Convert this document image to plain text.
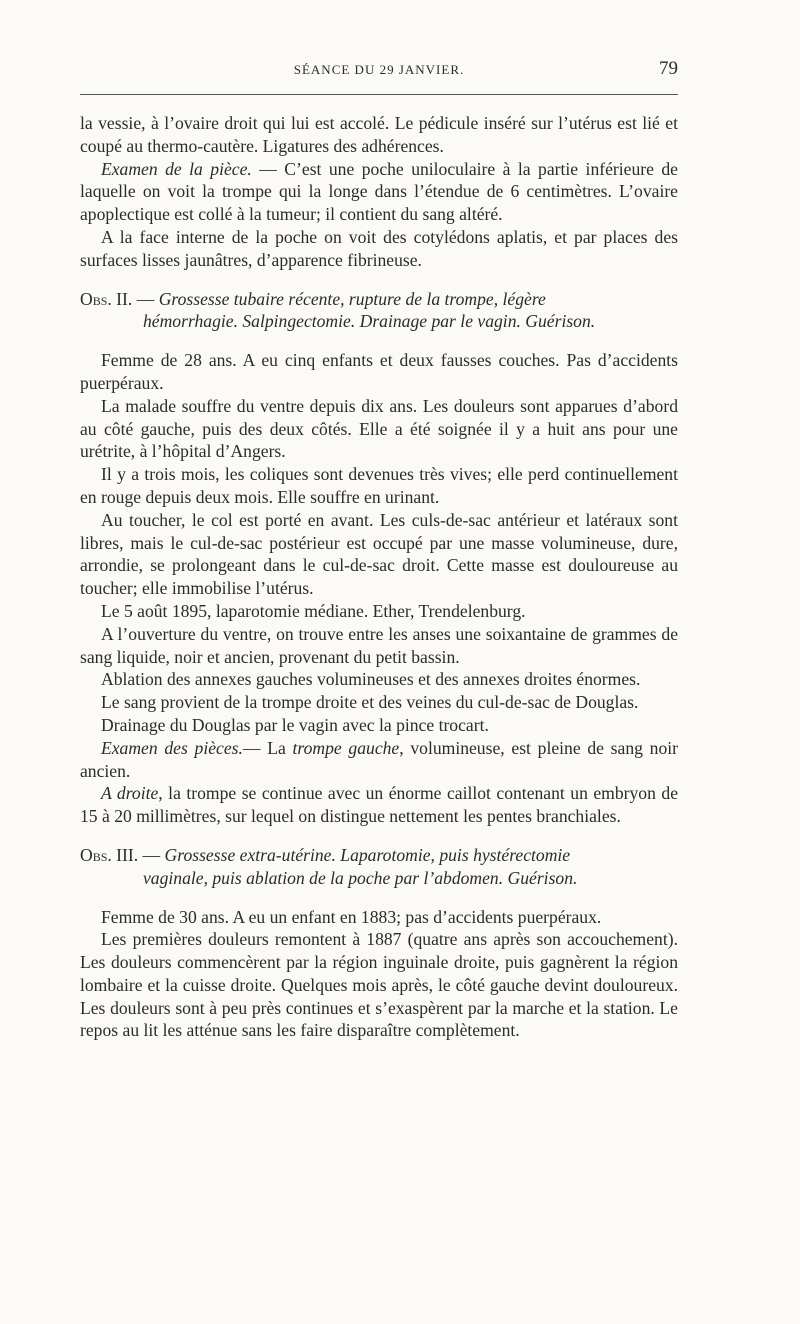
SÉANCE DU 29 JANVIER.	79

la vessie, à l’ovaire droit qui lui est accolé. Le pédicule inséré sur l’utérus est lié et coupé au thermo-cautère. Ligatures des adhérences.

Examen de la pièce. — C’est une poche uniloculaire à la partie inférieure de laquelle on voit la trompe qui la longe dans l’étendue de 6 centimètres. L’ovaire apoplectique est collé à la tumeur; il contient du sang altéré.

A la face interne de la poche on voit des cotylédons aplatis, et par places des surfaces lisses jaunâtres, d’apparence fibrineuse.

Obs. II. — Grossesse tubaire récente, rupture de la trompe, légère
hémorrhagie. Salpingectomie. Drainage par le vagin. Guérison.

Femme de 28 ans. A eu cinq enfants et deux fausses couches. Pas d’accidents puerpéraux.

La malade souffre du ventre depuis dix ans. Les douleurs sont apparues d’abord au côté gauche, puis des deux côtés. Elle a été soignée il y a huit ans pour une urétrite, à l’hôpital d’Angers.

Il y a trois mois, les coliques sont devenues très vives; elle perd continuellement en rouge depuis deux mois. Elle souffre en urinant.

Au toucher, le col est porté en avant. Les culs-de-sac antérieur et latéraux sont libres, mais le cul-de-sac postérieur est occupé par une masse volumineuse, dure, arrondie, se prolongeant dans le cul-de-sac droit. Cette masse est douloureuse au toucher; elle immobilise l’utérus.

Le 5 août 1895, laparotomie médiane. Ether, Trendelenburg.

A l’ouverture du ventre, on trouve entre les anses une soixantaine de grammes de sang liquide, noir et ancien, provenant du petit bassin.

Ablation des annexes gauches volumineuses et des annexes droites énormes.

Le sang provient de la trompe droite et des veines du cul-de-sac de Douglas.

Drainage du Douglas par le vagin avec la pince trocart.

Examen des pièces.— La trompe gauche, volumineuse, est pleine de sang noir ancien.

A droite, la trompe se continue avec un énorme caillot contenant un embryon de 15 à 20 millimètres, sur lequel on distingue nettement les pentes branchiales.

Obs. III. — Grossesse extra-utérine. Laparotomie, puis hystérectomie
vaginale, puis ablation de la poche par l’abdomen. Guérison.

Femme de 30 ans. A eu un enfant en 1883; pas d’accidents puerpéraux.

Les premières douleurs remontent à 1887 (quatre ans après son accouchement). Les douleurs commencèrent par la région inguinale droite, puis gagnèrent la région lombaire et la cuisse droite. Quelques mois après, le côté gauche devint douloureux. Les douleurs sont à peu près continues et s’exaspèrent par la marche et la station. Le repos au lit les atténue sans les faire disparaître complètement.
